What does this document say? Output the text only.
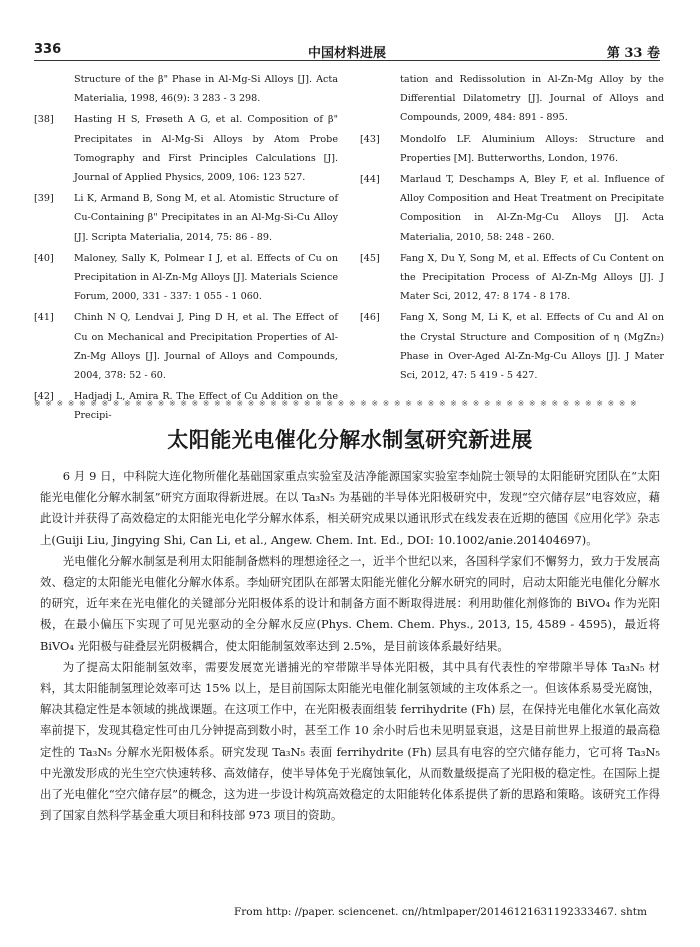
336	中国材料进展	第 33 卷
Structure of the β" Phase in Al-Mg-Si Alloys [J]. Acta Materialia, 1998, 46(9): 3 283 - 3 298.
[38]	Hasting H S, Frøseth A G, et al. Composition of β" Precipitates in Al-Mg-Si Alloys by Atom Probe Tomography and First Principles Calculations [J]. Journal of Applied Physics, 2009, 106: 123 527.
[39]	Li K, Armand B, Song M, et al. Atomistic Structure of Cu-Containing β" Precipitates in an Al-Mg-Si-Cu Alloy [J]. Scripta Materialia, 2014, 75: 86 - 89.
[40]	Maloney, Sally K, Polmear I J, et al. Effects of Cu on Precipitation in Al-Zn-Mg Alloys [J]. Materials Science Forum, 2000, 331 - 337: 1 055 - 1 060.
[41]	Chinh N Q, Lendvai J, Ping D H, et al. The Effect of Cu on Mechanical and Precipitation Properties of Al-Zn-Mg Alloys [J]. Journal of Alloys and Compounds, 2004, 378: 52 - 60.
[42]	Hadjadj L, Amira R. The Effect of Cu Addition on the Precipi-
tation and Redissolution in Al-Zn-Mg Alloy by the Differential Dilatometry [J]. Journal of Alloys and Compounds, 2009, 484: 891 - 895.
[43]	Mondolfo LF. Aluminium Alloys: Structure and Properties [M]. Butterworths, London, 1976.
[44]	Marlaud T, Deschamps A, Bley F, et al. Influence of Alloy Composition and Heat Treatment on Precipitate Composition in Al-Zn-Mg-Cu Alloys [J]. Acta Materialia, 2010, 58: 248 - 260.
[45]	Fang X, Du Y, Song M, et al. Effects of Cu Content on the Precipitation Process of Al-Zn-Mg Alloys [J]. J Mater Sci, 2012, 47: 8 174 - 8 178.
[46]	Fang X, Song M, Li K, et al. Effects of Cu and Al on the Crystal Structure and Composition of η (MgZn₂) Phase in Over-Aged Al-Zn-Mg-Cu Alloys [J]. J Mater Sci, 2012, 47: 5 419 - 5 427.
※ ※ ※ ※ ※ ※ ※ ※ ※ ※ ※ ※ ※ ※ ※ ※ ※ ※ ※ ※ ※ ※ ※ ※ ※ ※ ※ ※ ※ ※ ※ ※ ※ ※ ※ ※ ※ ※ ※ ※ ※ ※ ※ ※ ※ ※ ※ ※ ※ ※ ※ ※ ※ ※
太阳能光电催化分解水制氢研究新进展

6 月 9 日，中科院大连化物所催化基础国家重点实验室及洁净能源国家实验室李灿院士领导的太阳能研究团队在“太阳能光电催化分解水制氢”研究方面取得新进展。在以 Ta₃N₅ 为基础的半导体光阳极研究中，发现“空穴储存层”电容效应，藉此设计并获得了高效稳定的太阳能光电化学分解水体系，相关研究成果以通讯形式在线发表在近期的德国《应用化学》杂志上(Guiji Liu, Jingying Shi, Can Li, et al., Angew. Chem. Int. Ed., DOI: 10.1002/anie.201404697)。

光电催化分解水制氢是利用太阳能制备燃料的理想途径之一，近半个世纪以来，各国科学家们不懈努力，致力于发展高效、稳定的太阳能光电催化分解水体系。李灿研究团队在部署太阳能光催化分解水研究的同时，启动太阳能光电催化分解水的研究，近年来在光电催化的关键部分光阳极体系的设计和制备方面不断取得进展：利用助催化剂修饰的 BiVO₄ 作为光阳极，在最小偏压下实现了可见光驱动的全分解水反应(Phys. Chem. Chem. Phys., 2013, 15, 4589 - 4595)，最近将 BiVO₄ 光阳极与硅叠层光阴极耦合，使太阳能制氢效率达到 2.5%，是目前该体系最好结果。

为了提高太阳能制氢效率，需要发展宽光谱捕光的窄带隙半导体光阳极，其中具有代表性的窄带隙半导体 Ta₃N₅ 材料，其太阳能制氢理论效率可达 15% 以上，是目前国际太阳能光电催化制氢领域的主攻体系之一。但该体系易受光腐蚀，解决其稳定性是本领域的挑战课题。在这项工作中，在光阳极表面组装 ferrihydrite (Fh) 层，在保持光电催化水氧化高效率前提下，发现其稳定性可由几分钟提高到数小时，甚至工作 10 余小时后也未见明显衰退，这是目前世界上报道的最高稳定性的 Ta₃N₅ 分解水光阳极体系。研究发现 Ta₃N₅ 表面 ferrihydrite (Fh) 层具有电容的空穴储存能力，它可将 Ta₃N₅ 中光激发形成的光生空穴快速转移、高效储存，使半导体免于光腐蚀氧化，从而数量级提高了光阳极的稳定性。在国际上提出了光电催化“空穴储存层”的概念，这为进一步设计构筑高效稳定的太阳能转化体系提供了新的思路和策略。该研究工作得到了国家自然科学基金重大项目和科技部 973 项目的资助。

From http: //paper. sciencenet. cn//htmlpaper/20146121631192333467. shtm
